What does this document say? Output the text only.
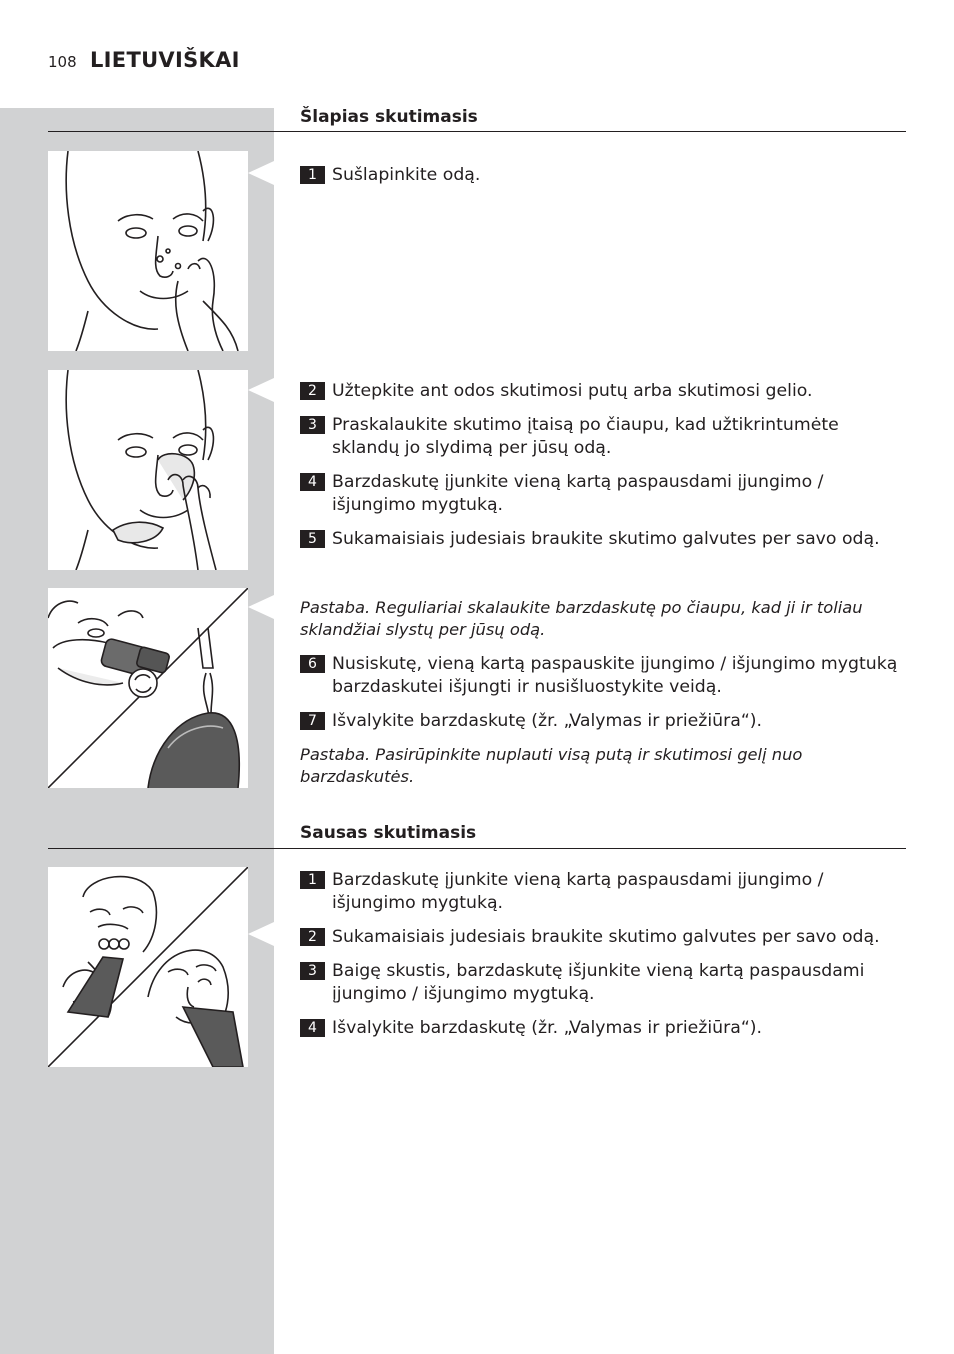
108 LIETUVIŠKAI
Šlapias skutimasis
1 Sušlapinkite odą.
2 Užtepkite ant odos skutimosi putų arba skutimosi gelio.
3 Praskalaukite skutimo įtaisą po čiaupu, kad užtikrintumėte sklandų jo slydimą per jūsų odą.
4 Barzdaskutę įjunkite vieną kartą paspausdami įjungimo / išjungimo mygtuką.
5 Sukamaisiais judesiais braukite skutimo galvutes per savo odą.
Pastaba. Reguliariai skalaukite barzdaskutę po čiaupu, kad ji ir toliau sklandžiai slystų per jūsų odą.
6 Nusiskutę, vieną kartą paspauskite įjungimo / išjungimo mygtuką barzdaskutei išjungti ir nusišluostykite veidą.
7 Išvalykite barzdaskutę (žr. „Valymas ir priežiūra“).
Pastaba. Pasirūpinkite nuplauti visą putą ir skutimosi gelį nuo barzdaskutės.
Sausas skutimasis
1 Barzdaskutę įjunkite vieną kartą paspausdami įjungimo / išjungimo mygtuką.
2 Sukamaisiais judesiais braukite skutimo galvutes per savo odą.
3 Baigę skustis, barzdaskutę išjunkite vieną kartą paspausdami įjungimo / išjungimo mygtuką.
4 Išvalykite barzdaskutę (žr. „Valymas ir priežiūra“).
